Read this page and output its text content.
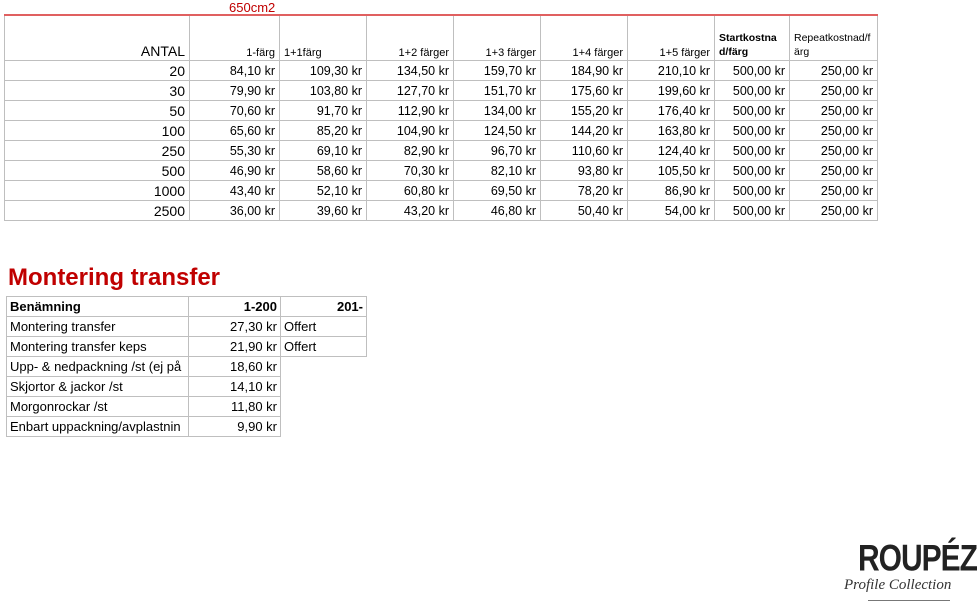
650cm2
ANTAL	1-färg	1+1färg	1+2 färger	1+3 färger	1+4 färger	1+5 färger	Startkostnad/färg	Repeatkostnad/färg
20	84,10 kr	109,30 kr	134,50 kr	159,70 kr	184,90 kr	210,10 kr	500,00 kr	250,00 kr
30	79,90 kr	103,80 kr	127,70 kr	151,70 kr	175,60 kr	199,60 kr	500,00 kr	250,00 kr
50	70,60 kr	91,70 kr	112,90 kr	134,00 kr	155,20 kr	176,40 kr	500,00 kr	250,00 kr
100	65,60 kr	85,20 kr	104,90 kr	124,50 kr	144,20 kr	163,80 kr	500,00 kr	250,00 kr
250	55,30 kr	69,10 kr	82,90 kr	96,70 kr	110,60 kr	124,40 kr	500,00 kr	250,00 kr
500	46,90 kr	58,60 kr	70,30 kr	82,10 kr	93,80 kr	105,50 kr	500,00 kr	250,00 kr
1000	43,40 kr	52,10 kr	60,80 kr	69,50 kr	78,20 kr	86,90 kr	500,00 kr	250,00 kr
2500	36,00 kr	39,60 kr	43,20 kr	46,80 kr	50,40 kr	54,00 kr	500,00 kr	250,00 kr
Montering transfer
Benämning	1-200	201-
Montering transfer	27,30 kr	Offert
Montering transfer keps	21,90 kr	Offert
Upp- & nedpackning /st (ej på	18,60 kr	
Skjortor & jackor /st	14,10 kr	
Morgonrockar /st	11,80 kr	
Enbart uppackning/avplastnin	9,90 kr	
ROUPÉZ
Profile Collection
